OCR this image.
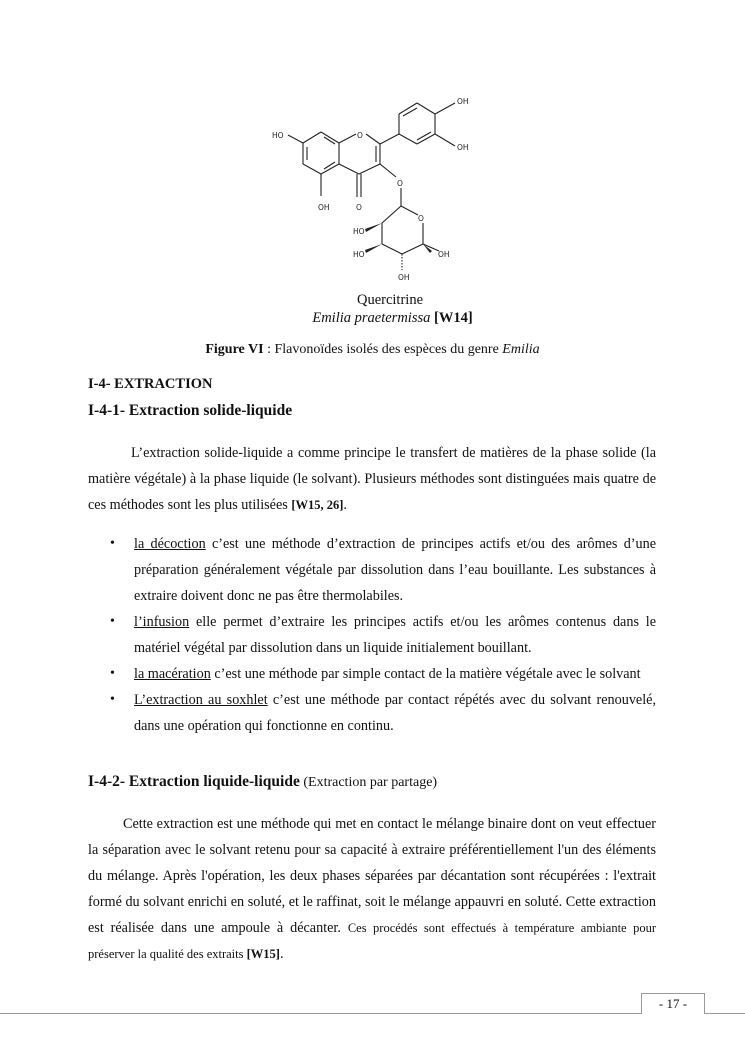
HO	O
OH
OH
O
OH	O
O
HO
HO	OH
OH
Quercitrine
Emilia praetermissa [W14]
Figure VI : Flavonoïdes isolés des espèces du genre Emilia
I-4- EXTRACTION
I-4-1- Extraction solide-liquide

L’extraction solide-liquide a comme principe le transfert de matières de la phase solide (la matière végétale) à la phase liquide (le solvant). Plusieurs méthodes sont distinguées mais quatre de ces méthodes sont les plus utilisées [W15, 26].

• la décoction c’est une méthode d’extraction de principes actifs et/ou des arômes d’une préparation généralement végétale par dissolution dans l’eau bouillante. Les substances à extraire doivent donc ne pas être thermolabiles.
• l’infusion elle permet d’extraire les principes actifs et/ou les arômes contenus dans le matériel végétal par dissolution dans un liquide initialement bouillant.
• la macération c’est une méthode par simple contact de la matière végétale avec le solvant
• L’extraction au soxhlet c’est une méthode par contact répétés avec du solvant renouvelé, dans une opération qui fonctionne en continu.
I-4-2- Extraction liquide-liquide (Extraction par partage)

Cette extraction est une méthode qui met en contact le mélange binaire dont on veut effectuer la séparation avec le solvant retenu pour sa capacité à extraire préférentiellement l'un des éléments du mélange. Après l'opération, les deux phases séparées par décantation sont récupérées : l'extrait formé du solvant enrichi en soluté, et le raffinat, soit le mélange appauvri en soluté. Cette extraction est réalisée dans une ampoule à décanter. Ces procédés sont effectués à température ambiante pour préserver la qualité des extraits [W15].

- 17 -
